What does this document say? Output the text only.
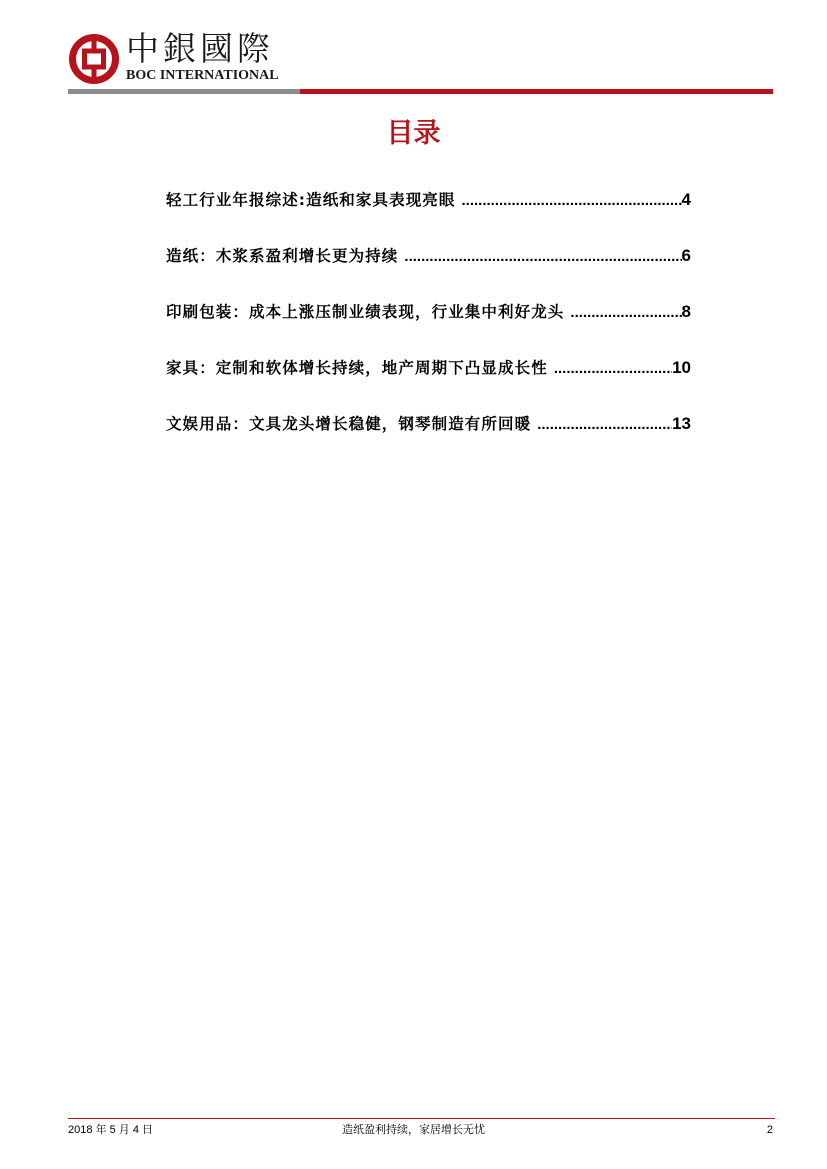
中銀國際
BOC INTERNATIONAL
目录
轻工行业年报综述:造纸和家具表现亮眼 .....	4
造纸：木浆系盈利增长更为持续 .....	6
印刷包装：成本上涨压制业绩表现，行业集中利好龙头 .....	8
家具：定制和软体增长持续，地产周期下凸显成长性 .....	10
文娱用品：文具龙头增长稳健，钢琴制造有所回暖 .....	13
2018 年 5 月 4 日	造纸盈利持续，家居增长无忧	2
